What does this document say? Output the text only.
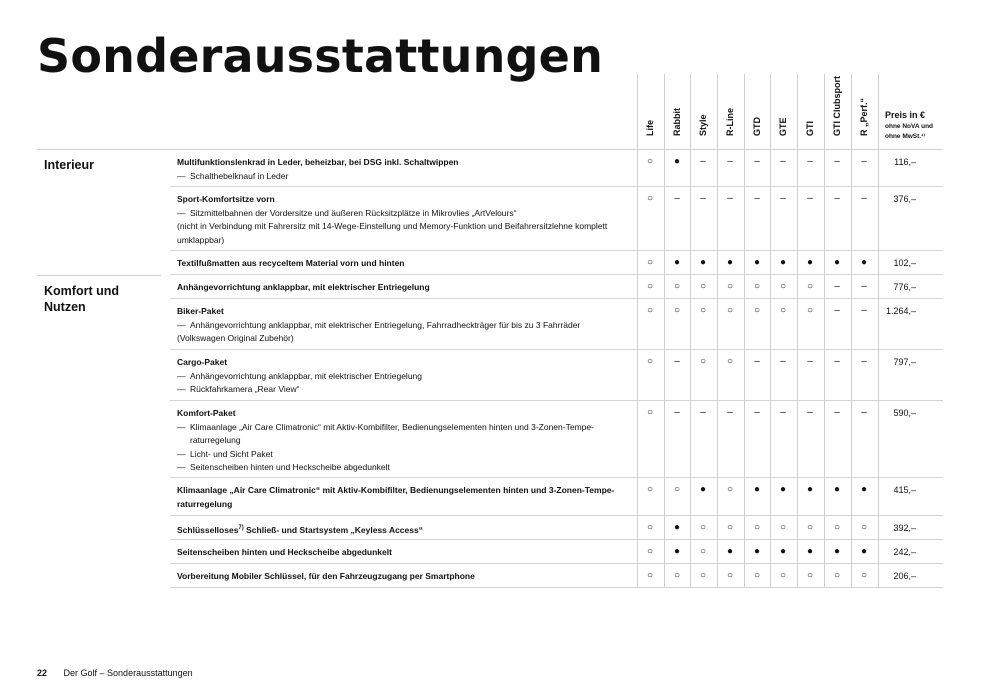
Sonderausstattungen
Life Rabbit Style R-Line GTD GTE GTI GTI Clubsport R „Perf.“ Preis in €
ohne NoVA und ohne MwSt.¹⁾
Interieur
Komfort und Nutzen
Multifunktionslenkrad in Leder, beheizbar, bei DSG inkl. Schaltwippen
— Schalthebelknauf in Leder
○	●	–	–	–	–	–	–	–	116,–
Sport-Komfortsitze vorn
— Sitzmittelbahnen der Vordersitze und äußeren Rücksitzplätze in Mikrovlies „ArtVelours“
(nicht in Verbindung mit Fahrersitz mit 14-Wege-Einstellung und Memory-Funktion und Beifahrersitzlehne komplett umklappbar)
○	–	–	–	–	–	–	–	–	376,–
Textilfußmatten aus recyceltem Material vorn und hinten	○	●	●	●	●	●	●	●	●	102,–
Anhängevorrichtung anklappbar, mit elektrischer Entriegelung	○	○	○	○	○	○	○	–	–	776,–
Biker-Paket
— Anhängevorrichtung anklappbar, mit elektrischer Entriegelung, Fahrradheckträger für bis zu 3 Fahrräder
(Volkswagen Original Zubehör)
○	○	○	○	○	○	○	–	–	1.264,–
Cargo-Paket
— Anhängevorrichtung anklappbar, mit elektrischer Entriegelung
— Rückfahrkamera „Rear View“
○	–	○	○	–	–	–	–	–	797,–
Komfort-Paket
— Klimaanlage „Air Care Climatronic“ mit Aktiv-Kombifilter, Bedienungselementen hinten und 3-Zonen-Tempe-raturregelung
— Licht- und Sicht Paket
— Seitenscheiben hinten und Heckscheibe abgedunkelt
○	–	–	–	–	–	–	–	–	590,–
Klimaanlage „Air Care Climatronic“ mit Aktiv-Kombifilter, Bedienungselementen hinten und 3-Zonen-Tempe-raturregelung
○	○	●	○	●	●	●	●	●	415,–
Schlüsselloses$^{7)}$ Schließ- und Startsystem „Keyless Access“	○	●	○	○	○	○	○	○	○	392,–
Seitenscheiben hinten und Heckscheibe abgedunkelt	○	●	○	●	●	●	●	●	●	242,–
Vorbereitung Mobiler Schlüssel, für den Fahrzeugzugang per Smartphone	○	○	○	○	○	○	○	○	○	206,–
22 Der Golf – Sonderausstattungen
